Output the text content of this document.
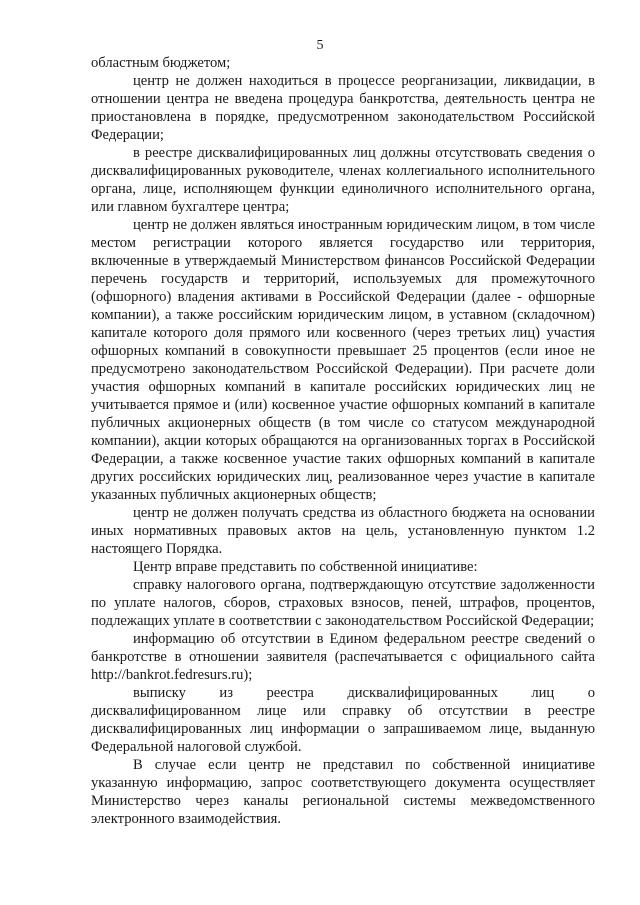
5

областным бюджетом;

центр не должен находиться в процессе реорганизации, ликвидации, в отношении центра не введена процедура банкротства, деятельность центра не приостановлена в порядке, предусмотренном законодательством Российской Федерации;

в реестре дисквалифицированных лиц должны отсутствовать сведения о дисквалифицированных руководителе, членах коллегиального исполнительного органа, лице, исполняющем функции единоличного исполнительного органа, или главном бухгалтере центра;

центр не должен являться иностранным юридическим лицом, в том числе местом регистрации которого является государство или территория, включенные в утверждаемый Министерством финансов Российской Федерации перечень государств и территорий, используемых для промежуточного (офшорного) владения активами в Российской Федерации (далее - офшорные компании), а также российским юридическим лицом, в уставном (складочном) капитале которого доля прямого или косвенного (через третьих лиц) участия офшорных компаний в совокупности превышает 25 процентов (если иное не предусмотрено законодательством Российской Федерации). При расчете доли участия офшорных компаний в капитале российских юридических лиц не учитывается прямое и (или) косвенное участие офшорных компаний в капитале публичных акционерных обществ (в том числе со статусом международной компании), акции которых обращаются на организованных торгах в Российской Федерации, а также косвенное участие таких офшорных компаний в капитале других российских юридических лиц, реализованное через участие в капитале указанных публичных акционерных обществ;

центр не должен получать средства из областного бюджета на основании иных нормативных правовых актов на цель, установленную пунктом 1.2 настоящего Порядка.

Центр вправе представить по собственной инициативе:

справку налогового органа, подтверждающую отсутствие задолженности по уплате налогов, сборов, страховых взносов, пеней, штрафов, процентов, подлежащих уплате в соответствии с законодательством Российской Федерации;

информацию об отсутствии в Едином федеральном реестре сведений о банкротстве в отношении заявителя (распечатывается с официального сайта http://bankrot.fedresurs.ru);

выписку из реестра дисквалифицированных лиц о дисквалифицированном лице или справку об отсутствии в реестре дисквалифицированных лиц информации о запрашиваемом лице, выданную Федеральной налоговой службой.

В случае если центр не представил по собственной инициативе указанную информацию, запрос соответствующего документа осуществляет Министерство через каналы региональной системы межведомственного электронного взаимодействия.
